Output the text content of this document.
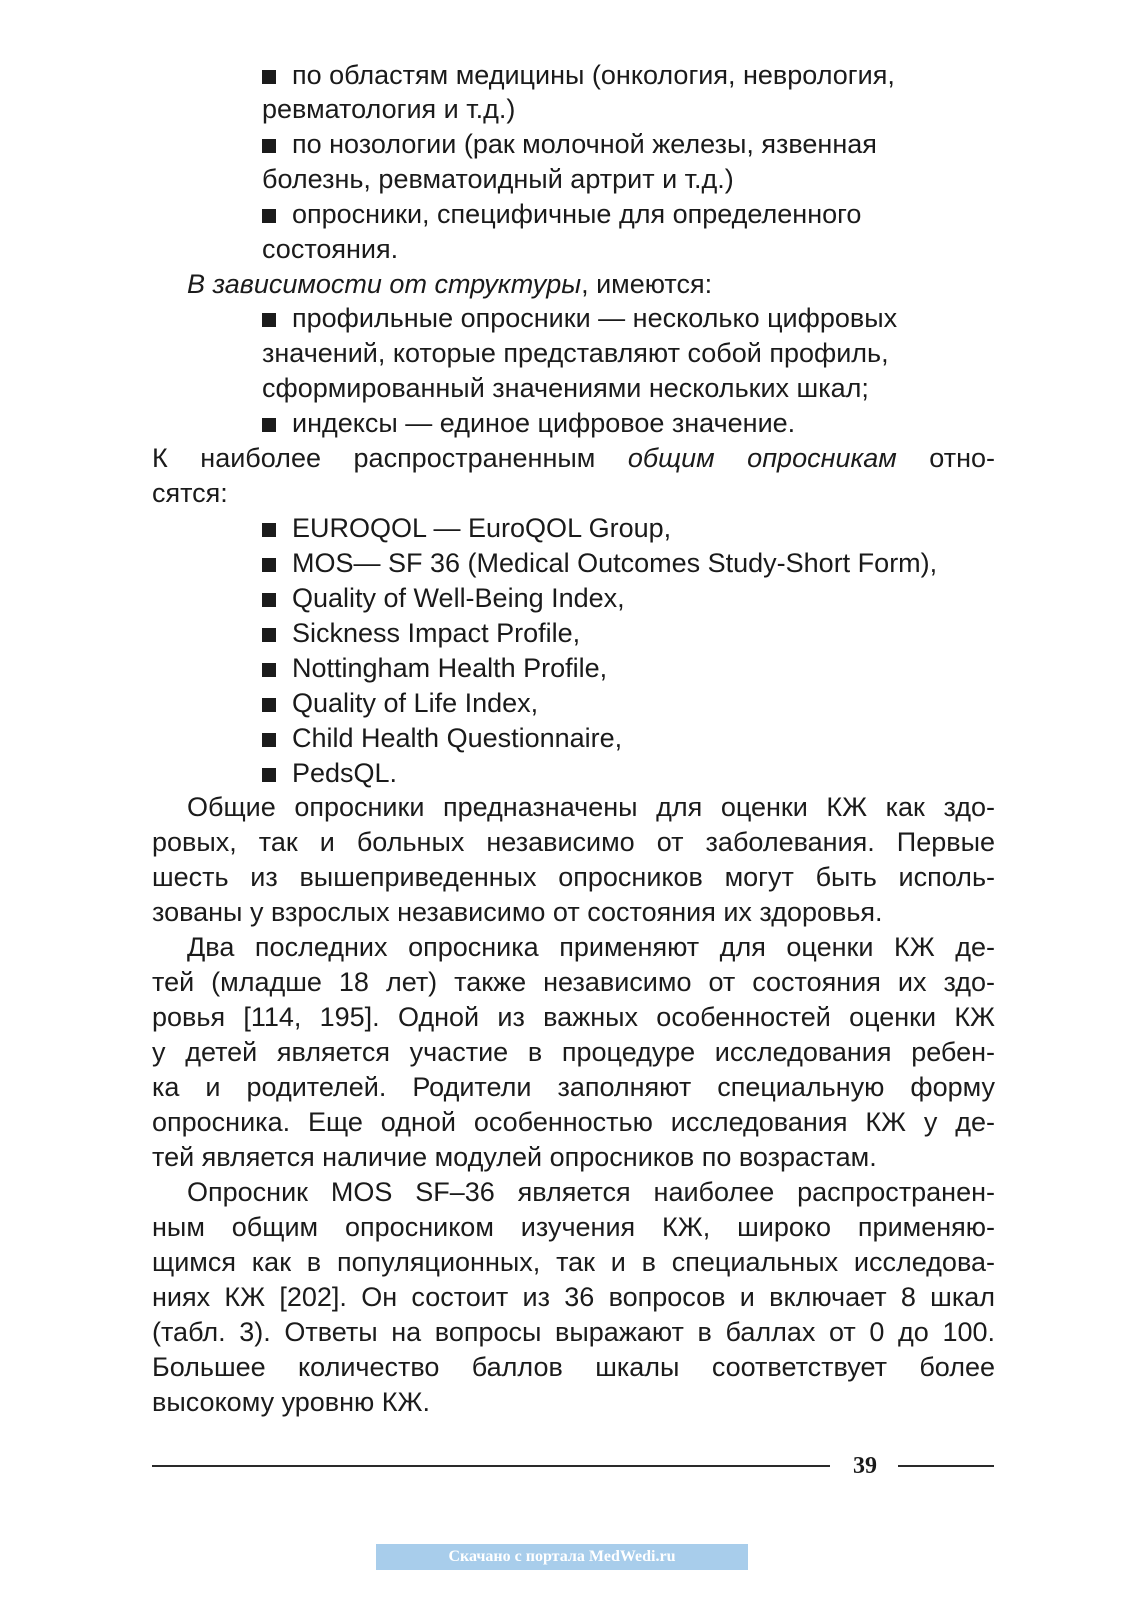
по областям медицины (онкология, неврология,
ревматология и т.д.)
по нозологии (рак молочной железы, язвенная
болезнь, ревматоидный артрит и т.д.)
опросники, специфичные для определенного
состояния.
В зависимости от структуры, имеются:
профильные опросники — несколько цифровых
значений, которые представляют собой профиль,
сформированный значениями нескольких шкал;
индексы — единое цифровое значение.
К наиболее распространенным общим опросникам отно-
сятся:
EUROQOL — EuroQOL Group,
MOS— SF 36 (Medical Outcomes Study-Short Form),
Quality of Well-Being Index,
Sickness Impact Profile,
Nottingham Health Profile,
Quality of Life Index,
Child Health Questionnaire,
PedsQL.
Общие опросники предназначены для оценки КЖ как здо-
ровых, так и больных независимо от заболевания. Первые
шесть из вышеприведенных опросников могут быть исполь-
зованы у взрослых независимо от состояния их здоровья.
Два последних опросника применяют для оценки КЖ де-
тей (младше 18 лет) также независимо от состояния их здо-
ровья [114, 195]. Одной из важных особенностей оценки КЖ
у детей является участие в процедуре исследования ребен-
ка и родителей. Родители заполняют специальную форму
опросника. Еще одной особенностью исследования КЖ у де-
тей является наличие модулей опросников по возрастам.
Опросник MOS SF–36 является наиболее распространен-
ным общим опросником изучения КЖ, широко применяю-
щимся как в популяционных, так и в специальных исследова-
ниях КЖ [202]. Он состоит из 36 вопросов и включает 8 шкал
(табл. 3). Ответы на вопросы выражают в баллах от 0 до 100.
Большее количество баллов шкалы соответствует более
высокому уровню КЖ.
39
Скачано с портала MedWedi.ru
